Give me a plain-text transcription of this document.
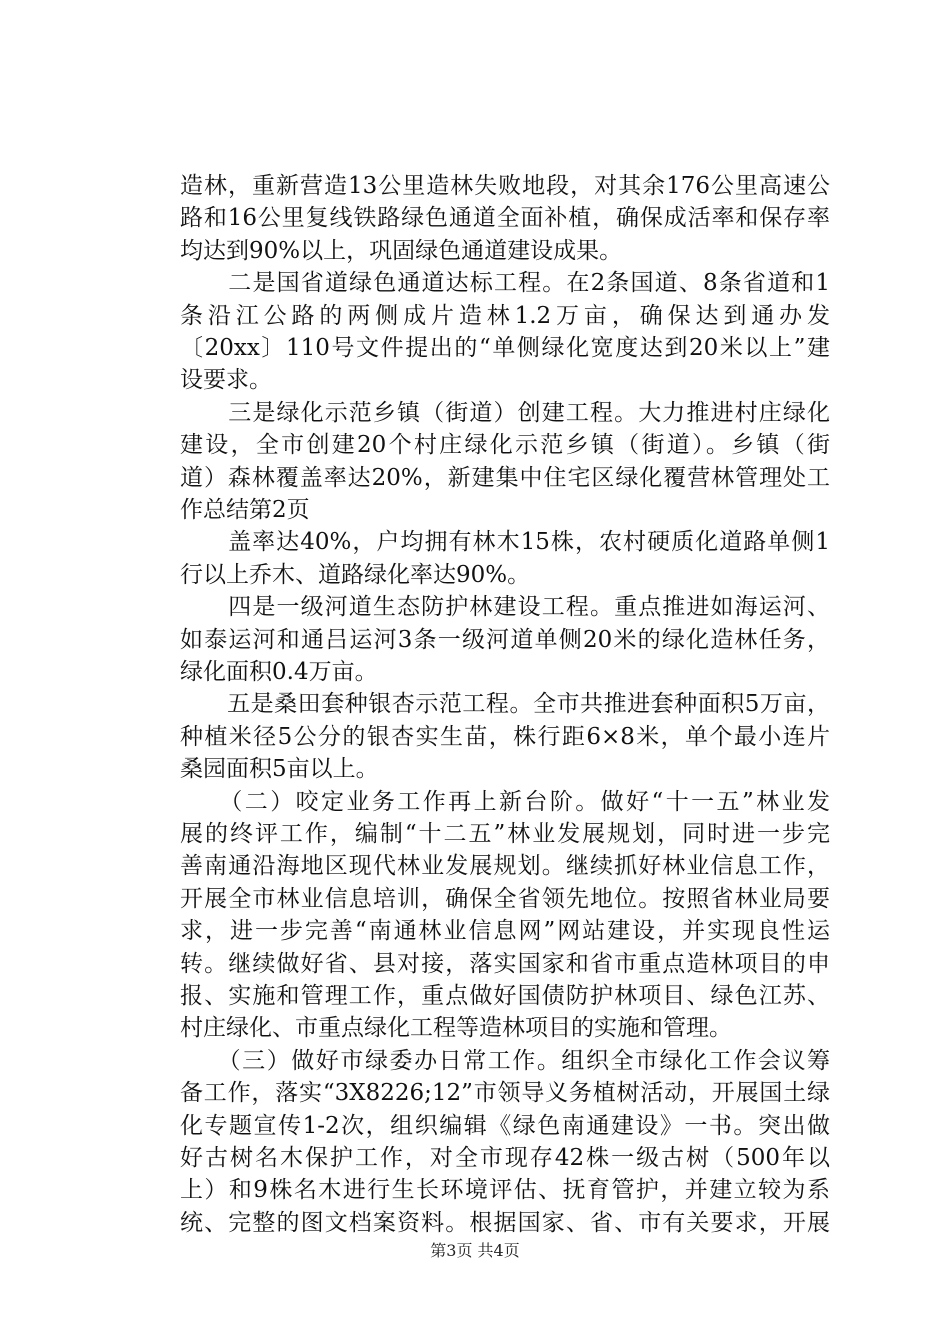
造林，重新营造13公里造林失败地段，对其余176公里高速公
路和16公里复线铁路绿色通道全面补植，确保成活率和保存率
均达到90%以上，巩固绿色通道建设成果。
　　二是国省道绿色通道达标工程。在2条国道、8条省道和1
条沿江公路的两侧成片造林1.2万亩，确保达到通办发
〔20xx〕110号文件提出的“单侧绿化宽度达到20米以上”建
设要求。
　　三是绿化示范乡镇（街道）创建工程。大力推进村庄绿化
建设，全市创建20个村庄绿化示范乡镇（街道）。乡镇（街
道）森林覆盖率达20%，新建集中住宅区绿化覆营林管理处工
作总结第2页
　　盖率达40%，户均拥有林木15株，农村硬质化道路单侧1
行以上乔木、道路绿化率达90%。
　　四是一级河道生态防护林建设工程。重点推进如海运河、
如泰运河和通吕运河3条一级河道单侧20米的绿化造林任务，
绿化面积0.4万亩。
　　五是桑田套种银杏示范工程。全市共推进套种面积5万亩，
种植米径5公分的银杏实生苗，株行距6×8米，单个最小连片
桑园面积5亩以上。
　　（二）咬定业务工作再上新台阶。做好“十一五”林业发
展的终评工作，编制“十二五”林业发展规划，同时进一步完
善南通沿海地区现代林业发展规划。继续抓好林业信息工作，
开展全市林业信息培训，确保全省领先地位。按照省林业局要
求，进一步完善“南通林业信息网”网站建设，并实现良性运
转。继续做好省、县对接，落实国家和省市重点造林项目的申
报、实施和管理工作，重点做好国债防护林项目、绿色江苏、
村庄绿化、市重点绿化工程等造林项目的实施和管理。
　　（三）做好市绿委办日常工作。组织全市绿化工作会议筹
备工作，落实“3X8226;12”市领导义务植树活动，开展国土绿
化专题宣传1-2次，组织编辑《绿色南通建设》一书。突出做
好古树名木保护工作，对全市现存42株一级古树（500年以
上）和9株名木进行生长环境评估、抚育管护，并建立较为系
统、完整的图文档案资料。根据国家、省、市有关要求，开展
第3页 共4页
